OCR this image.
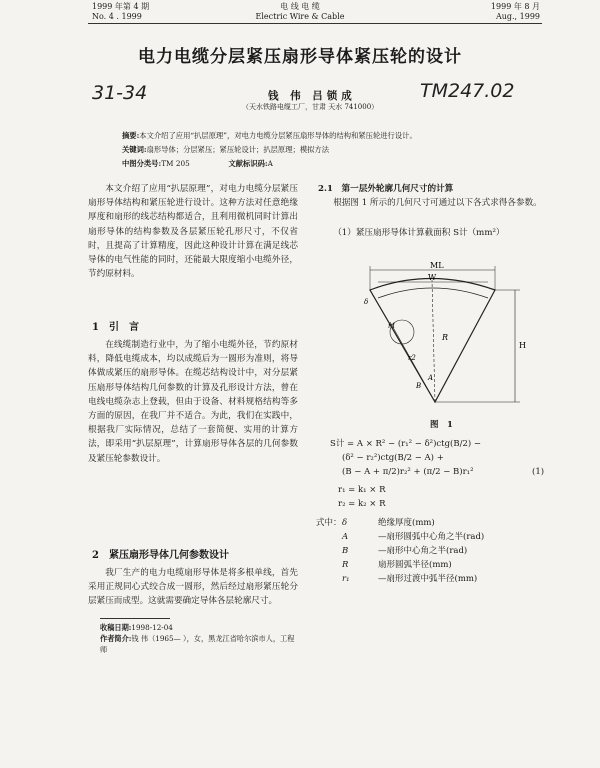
1999 年第 4 期
No. 4 . 1999
电 线 电 缆
Electric Wire & Cable
1999 年 8 月
Aug., 1999
电力电缆分层紧压扇形导体紧压轮的设计
31-34	TM247.02
钱 伟 吕锁成
（天水铁路电缆工厂，甘肃 天水 741000）
摘要:本文介绍了应用“扒层原理”，对电力电缆分层紧压扇形导体的结构和紧压轮进行设计。
关键词:扇形导体；分层紧压；紧压轮设计；扒层原理；模拟方法
中图分类号:TM 205	文献标识码:A

本文介绍了应用“扒层原理”，对电力电缆分层紧压扇形导体结构和紧压轮进行设计。这种方法对任意绝缘厚度和扇形的线芯结构都适合，且利用微机同时计算出扇形导体的结构参数及各层紧压轮孔形尺寸，不仅省时，且提高了计算精度，因此这种设计计算在满足线芯导体的电气性能的同时，还能最大限度缩小电缆外径，节约原材料。

1　引　言

在线缆制造行业中，为了缩小电缆外径，节约原材料，降低电缆成本，均以成缆后为一圆形为准则，将导体做成紧压的扇形导体。在缆芯结构设计中，对分层紧压扇形导体结构几何参数的计算及孔形设计方法，曾在电线电缆杂志上登载，但由于设备、材料规格结构等多方面的原因，在我厂并不适合。为此，我们在实践中，根据我厂实际情况，总结了一套简便、实用的计算方法，即采用“扒层原理”，计算扇形导体各层的几何参数及紧压轮参数设计。

2　紧压扇形导体几何参数设计

我厂生产的电力电缆扇形导体是将多根单线，首先采用正规同心式绞合成一圆形，然后经过扇形紧压轮分层紧压而成型。这就需要确定导体各层轮廓尺寸。

收稿日期:1998-12-04
作者简介:钱 伟（1965— ），女，黑龙江省哈尔滨市人，工程师
2.1　第一层外轮廓几何尺寸的计算

根据图 1 所示的几何尺寸可通过以下各式求得各参数。

（1）紧压扇形导体计算截面积 S计（mm²）

ML
W
H
R
r1
r2
A
B
δ
图　1
S计 = A × R² − (r₁² − δ²)ctg(B/2) −
(δ² − r₂²)ctg(B/2 − A) +
(B − A + π/2)r₂² + (π/2 − B)r₁²	(1)
r₁ = k₁ × R
r₂ = k₂ × R
式中： δ	绝缘厚度(mm)
A	—扇形圆弧中心角之半(rad)
B	—扇形中心角之半(rad)
R	扇形圆弧半径(mm)
r₁	—扇形过渡中弧半径(mm)
